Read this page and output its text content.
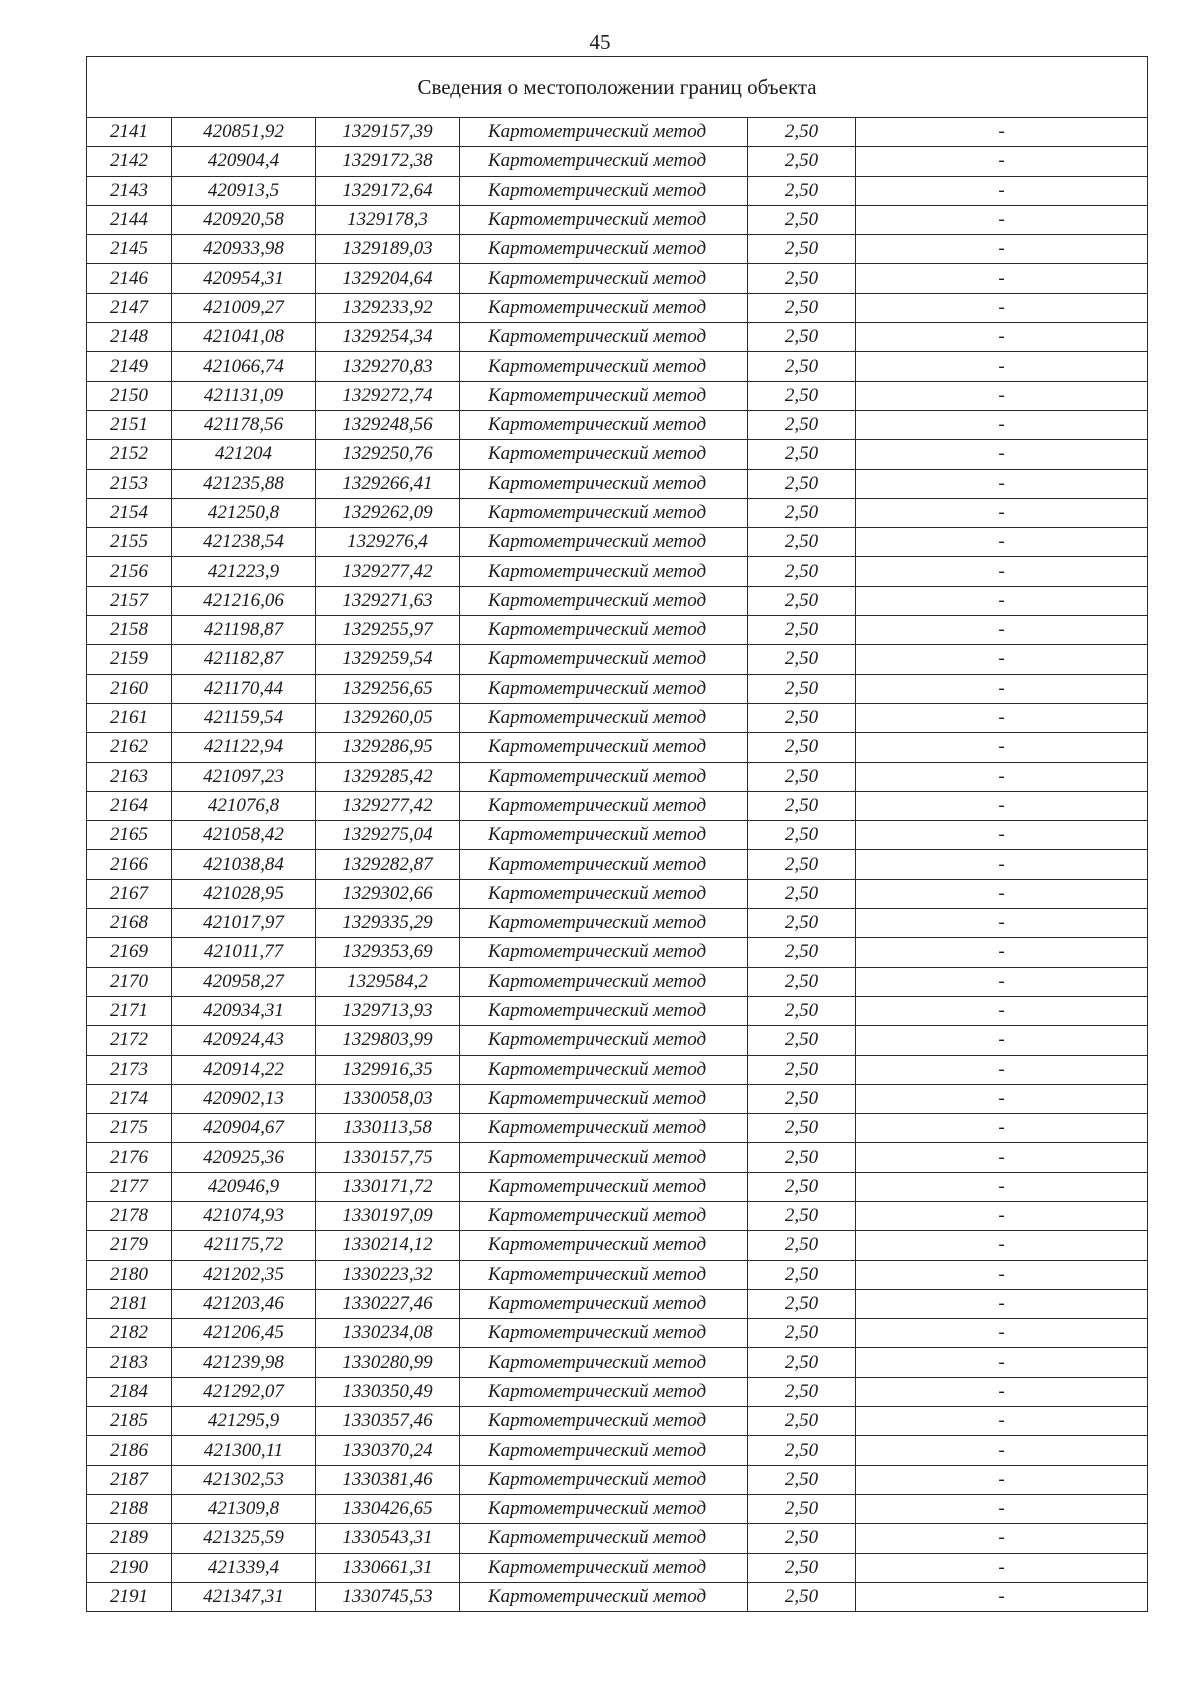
45
Сведения о местоположении границ объекта					
2141	420851,92	1329157,39	Картометрический метод	2,50	-
2142	420904,4	1329172,38	Картометрический метод	2,50	-
2143	420913,5	1329172,64	Картометрический метод	2,50	-
2144	420920,58	1329178,3	Картометрический метод	2,50	-
2145	420933,98	1329189,03	Картометрический метод	2,50	-
2146	420954,31	1329204,64	Картометрический метод	2,50	-
2147	421009,27	1329233,92	Картометрический метод	2,50	-
2148	421041,08	1329254,34	Картометрический метод	2,50	-
2149	421066,74	1329270,83	Картометрический метод	2,50	-
2150	421131,09	1329272,74	Картометрический метод	2,50	-
2151	421178,56	1329248,56	Картометрический метод	2,50	-
2152	421204	1329250,76	Картометрический метод	2,50	-
2153	421235,88	1329266,41	Картометрический метод	2,50	-
2154	421250,8	1329262,09	Картометрический метод	2,50	-
2155	421238,54	1329276,4	Картометрический метод	2,50	-
2156	421223,9	1329277,42	Картометрический метод	2,50	-
2157	421216,06	1329271,63	Картометрический метод	2,50	-
2158	421198,87	1329255,97	Картометрический метод	2,50	-
2159	421182,87	1329259,54	Картометрический метод	2,50	-
2160	421170,44	1329256,65	Картометрический метод	2,50	-
2161	421159,54	1329260,05	Картометрический метод	2,50	-
2162	421122,94	1329286,95	Картометрический метод	2,50	-
2163	421097,23	1329285,42	Картометрический метод	2,50	-
2164	421076,8	1329277,42	Картометрический метод	2,50	-
2165	421058,42	1329275,04	Картометрический метод	2,50	-
2166	421038,84	1329282,87	Картометрический метод	2,50	-
2167	421028,95	1329302,66	Картометрический метод	2,50	-
2168	421017,97	1329335,29	Картометрический метод	2,50	-
2169	421011,77	1329353,69	Картометрический метод	2,50	-
2170	420958,27	1329584,2	Картометрический метод	2,50	-
2171	420934,31	1329713,93	Картометрический метод	2,50	-
2172	420924,43	1329803,99	Картометрический метод	2,50	-
2173	420914,22	1329916,35	Картометрический метод	2,50	-
2174	420902,13	1330058,03	Картометрический метод	2,50	-
2175	420904,67	1330113,58	Картометрический метод	2,50	-
2176	420925,36	1330157,75	Картометрический метод	2,50	-
2177	420946,9	1330171,72	Картометрический метод	2,50	-
2178	421074,93	1330197,09	Картометрический метод	2,50	-
2179	421175,72	1330214,12	Картометрический метод	2,50	-
2180	421202,35	1330223,32	Картометрический метод	2,50	-
2181	421203,46	1330227,46	Картометрический метод	2,50	-
2182	421206,45	1330234,08	Картометрический метод	2,50	-
2183	421239,98	1330280,99	Картометрический метод	2,50	-
2184	421292,07	1330350,49	Картометрический метод	2,50	-
2185	421295,9	1330357,46	Картометрический метод	2,50	-
2186	421300,11	1330370,24	Картометрический метод	2,50	-
2187	421302,53	1330381,46	Картометрический метод	2,50	-
2188	421309,8	1330426,65	Картометрический метод	2,50	-
2189	421325,59	1330543,31	Картометрический метод	2,50	-
2190	421339,4	1330661,31	Картометрический метод	2,50	-
2191	421347,31	1330745,53	Картометрический метод	2,50	-
